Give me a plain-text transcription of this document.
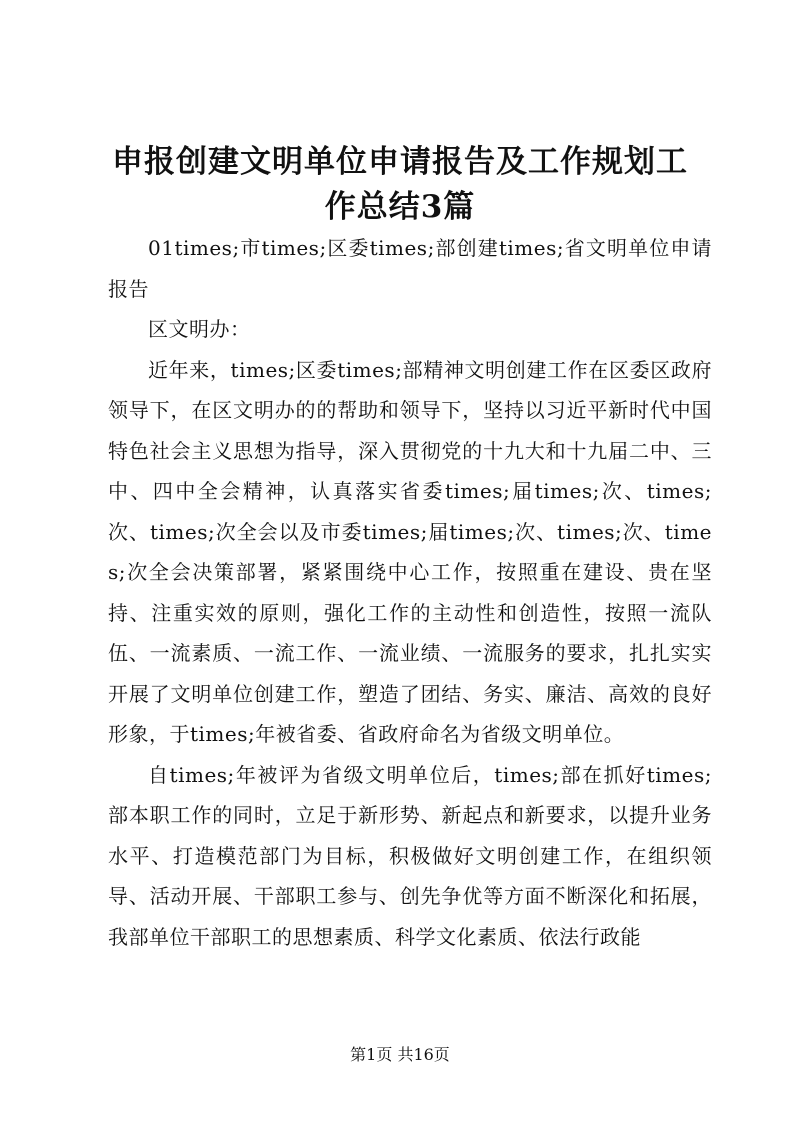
申报创建文明单位申请报告及工作规划工作总结3篇

01times;市times;区委times;部创建times;省文明单位申请报告

区文明办：

近年来，times;区委times;部精神文明创建工作在区委区政府领导下，在区文明办的的帮助和领导下，坚持以习近平新时代中国特色社会主义思想为指导，深入贯彻党的十九大和十九届二中、三中、四中全会精神，认真落实省委times;届times;次、times;次、times;次全会以及市委times;届times;次、times;次、times;次全会决策部署，紧紧围绕中心工作，按照重在建设、贵在坚持、注重实效的原则，强化工作的主动性和创造性，按照一流队伍、一流素质、一流工作、一流业绩、一流服务的要求，扎扎实实开展了文明单位创建工作，塑造了团结、务实、廉洁、高效的良好形象，于times;年被省委、省政府命名为省级文明单位。

自times;年被评为省级文明单位后，times;部在抓好times;部本职工作的同时，立足于新形势、新起点和新要求，以提升业务水平、打造模范部门为目标，积极做好文明创建工作，在组织领导、活动开展、干部职工参与、创先争优等方面不断深化和拓展，我部单位干部职工的思想素质、科学文化素质、依法行政能

第1页 共16页
